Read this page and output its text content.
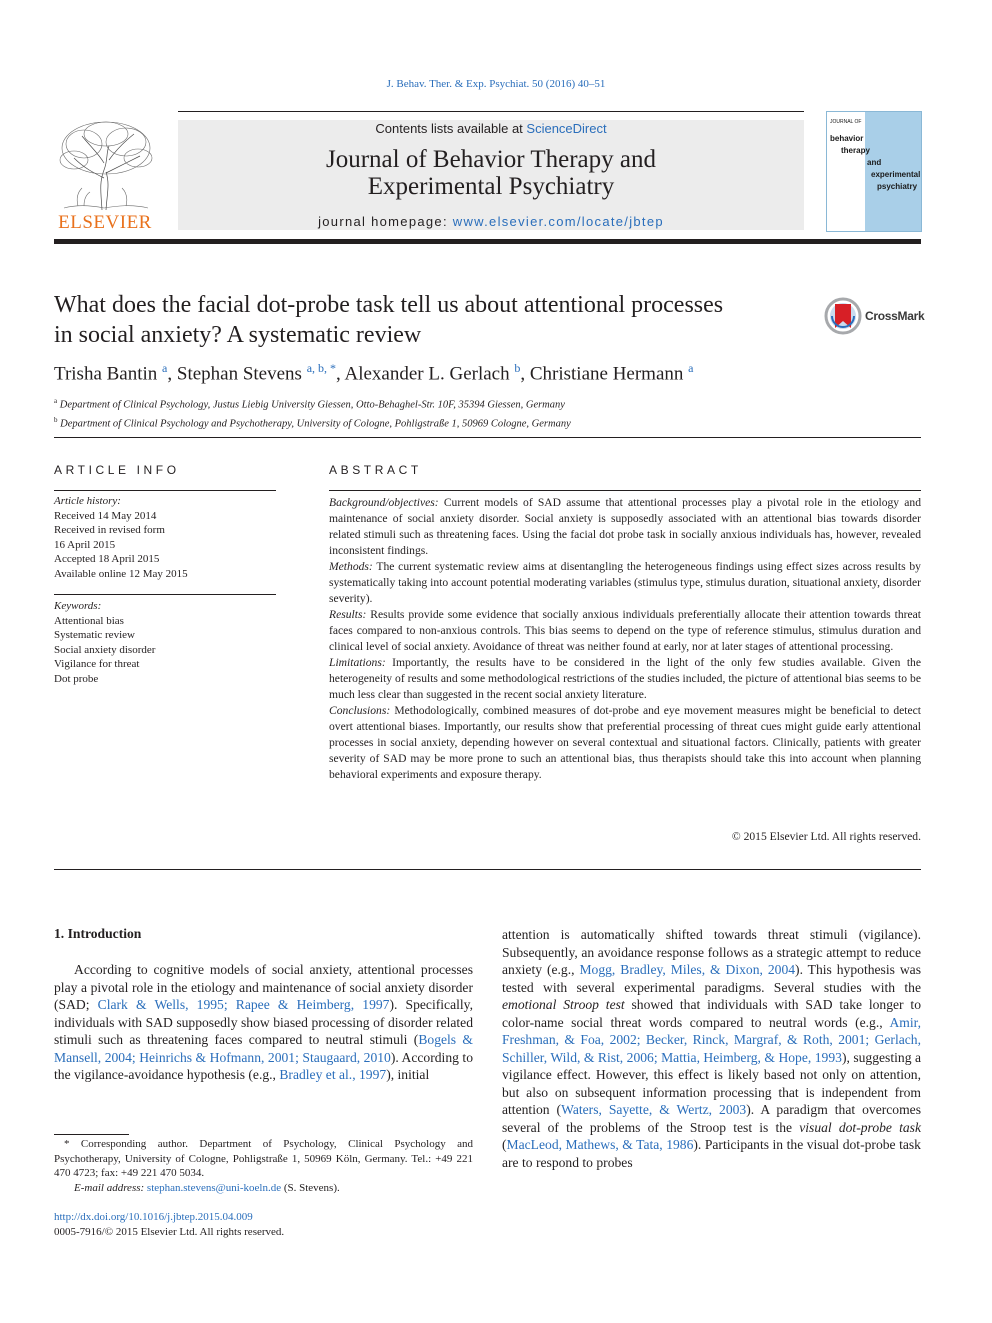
J. Behav. Ther. & Exp. Psychiat. 50 (2016) 40–51
ELSEVIER
Contents lists available at ScienceDirect
Journal of Behavior Therapy and
Experimental Psychiatry
journal homepage: www.elsevier.com/locate/jbtep
JOURNAL OF
behavior
therapy
and
experimental
psychiatry
What does the facial dot-probe task tell us about attentional processes
in social anxiety? A systematic review
CrossMark
Trisha Bantin $^a$, Stephan Stevens $^{a, b, *}$, Alexander L. Gerlach $^b$, Christiane Hermann $^a$
$^a$ Department of Clinical Psychology, Justus Liebig University Giessen, Otto-Behaghel-Str. 10F, 35394 Giessen, Germany
$^b$ Department of Clinical Psychology and Psychotherapy, University of Cologne, Pohligstraße 1, 50969 Cologne, Germany
ARTICLE INFO
Article history:
Received 14 May 2014
Received in revised form
16 April 2015
Accepted 18 April 2015
Available online 12 May 2015
Keywords:
Attentional bias
Systematic review
Social anxiety disorder
Vigilance for threat
Dot probe
ABSTRACT

Background/objectives: Current models of SAD assume that attentional processes play a pivotal role in the etiology and maintenance of social anxiety disorder. Social anxiety is supposedly associated with an attentional bias towards disorder related stimuli such as threatening faces. Using the facial dot probe task in socially anxious individuals has, however, revealed inconsistent findings.

Methods: The current systematic review aims at disentangling the heterogeneous findings using effect sizes across results by systematically taking into account potential moderating variables (stimulus type, stimulus duration, situational anxiety, disorder severity).

Results: Results provide some evidence that socially anxious individuals preferentially allocate their attention towards threat faces compared to non-anxious controls. This bias seems to depend on the type of reference stimulus, stimulus duration and clinical level of social anxiety. Avoidance of threat was neither found at early, nor at later stages of attentional processing.

Limitations: Importantly, the results have to be considered in the light of the only few studies available. Given the heterogeneity of results and some methodological restrictions of the studies included, the picture of attentional bias seems to be much less clear than suggested in the recent social anxiety literature.

Conclusions: Methodologically, combined measures of dot-probe and eye movement measures might be beneficial to detect overt attentional biases. Importantly, our results show that preferential processing of threat cues might guide early attentional processes in social anxiety, depending however on several contextual and situational factors. Clinically, patients with greater severity of SAD may be more prone to such an attentional bias, thus therapists should take this into account when planning behavioral experiments and exposure therapy.

© 2015 Elsevier Ltd. All rights reserved.
1. Introduction

According to cognitive models of social anxiety, attentional processes play a pivotal role in the etiology and maintenance of social anxiety disorder (SAD; Clark & Wells, 1995; Rapee & Heimberg, 1997). Specifically, individuals with SAD supposedly show biased processing of disorder related stimuli such as threatening faces compared to neutral stimuli (Bogels & Mansell, 2004; Heinrichs & Hofmann, 2001; Staugaard, 2010). According to the vigilance-avoidance hypothesis (e.g., Bradley et al., 1997), initial

attention is automatically shifted towards threat stimuli (vigilance). Subsequently, an avoidance response follows as a strategic attempt to reduce anxiety (e.g., Mogg, Bradley, Miles, & Dixon, 2004). This hypothesis was tested with several experimental paradigms. Several studies with the emotional Stroop test showed that individuals with SAD take longer to color-name social threat words compared to neutral words (e.g., Amir, Freshman, & Foa, 2002; Becker, Rinck, Margraf, & Roth, 2001; Gerlach, Schiller, Wild, & Rist, 2006; Mattia, Heimberg, & Hope, 1993), suggesting a vigilance effect. However, this effect is likely based not only on attention, but also on subsequent information processing that is independent from attention (Waters, Sayette, & Wertz, 2003). A paradigm that overcomes several of the problems of the Stroop test is the visual dot-probe task (MacLeod, Mathews, & Tata, 1986). Participants in the visual dot-probe task are to respond to probes

* Corresponding author. Department of Psychology, Clinical Psychology and Psychotherapy, University of Cologne, Pohligstraße 1, 50969 Köln, Germany. Tel.: +49 221 470 4723; fax: +49 221 470 5034.

E-mail address: stephan.stevens@uni-koeln.de (S. Stevens).

http://dx.doi.org/10.1016/j.jbtep.2015.04.009
0005-7916/© 2015 Elsevier Ltd. All rights reserved.
